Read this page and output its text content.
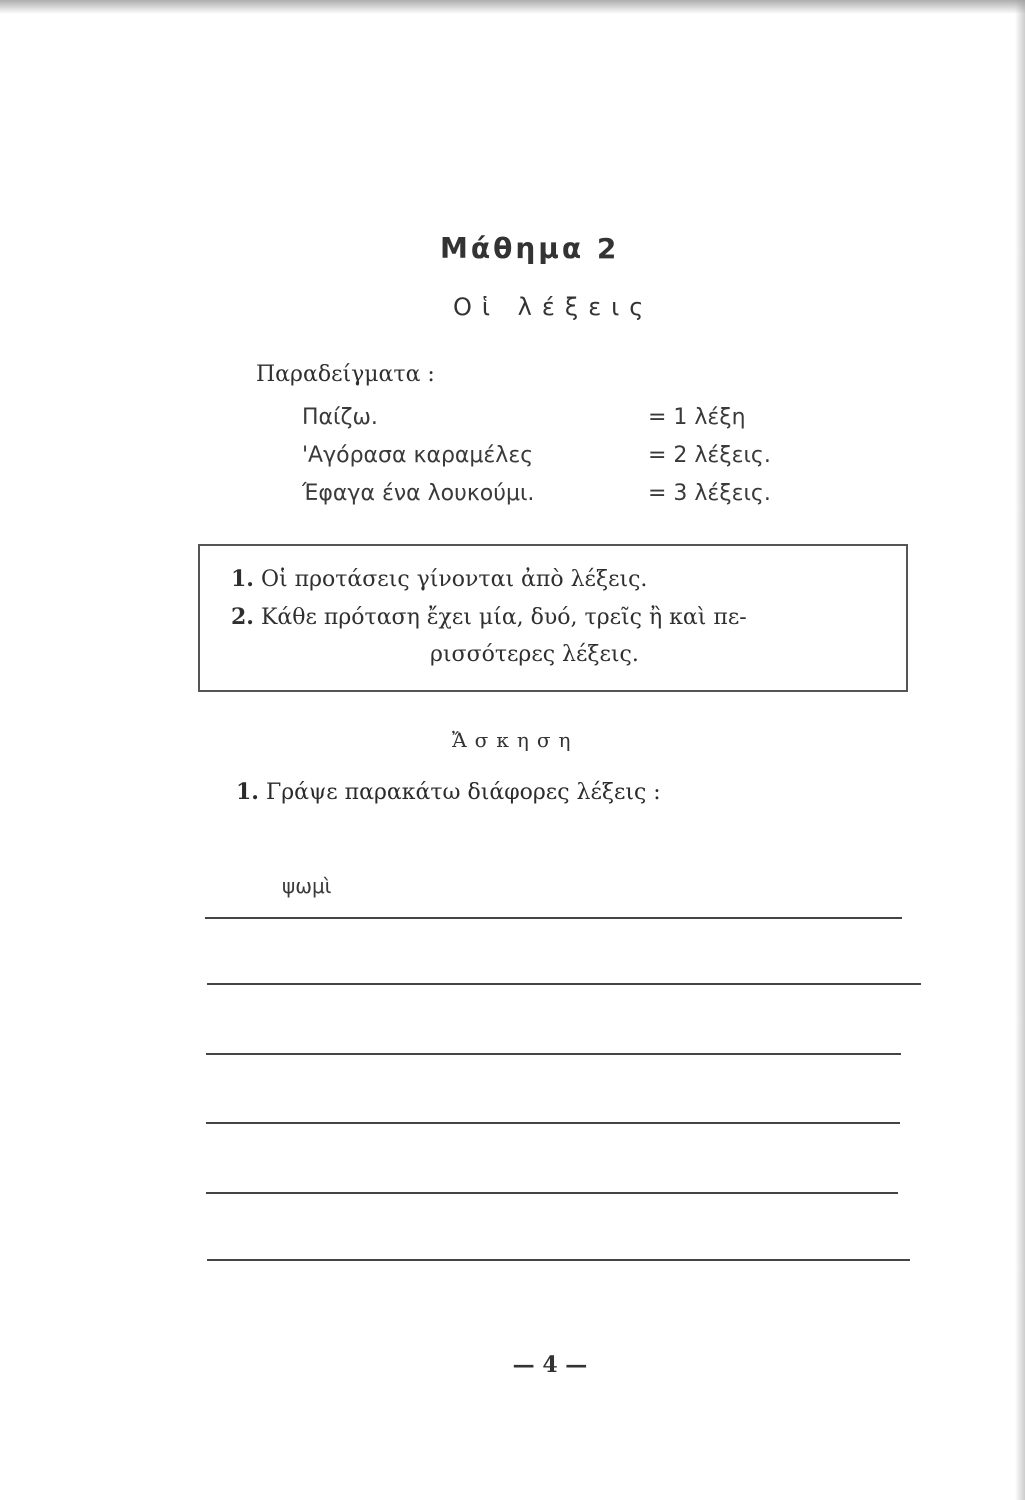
Μάθημα 2
Οἱ λέξεις
Παραδείγματα :
Παίζω.	= 1 λέξη
'Αγόρασα καραμέλες	= 2 λέξεις.
Έφαγα ένα λουκούμι.	= 3 λέξεις.
1. Οἱ προτάσεις γίνονται ἀπὸ λέξεις.
2. Κάθε πρόταση ἔχει μία, δυό, τρεῖς ἢ καὶ πε-
ρισσότερες λέξεις.
Ἄσκηση
1. Γράψε παρακάτω διάφορες λέξεις :
ψωμὶ
— 4 —
